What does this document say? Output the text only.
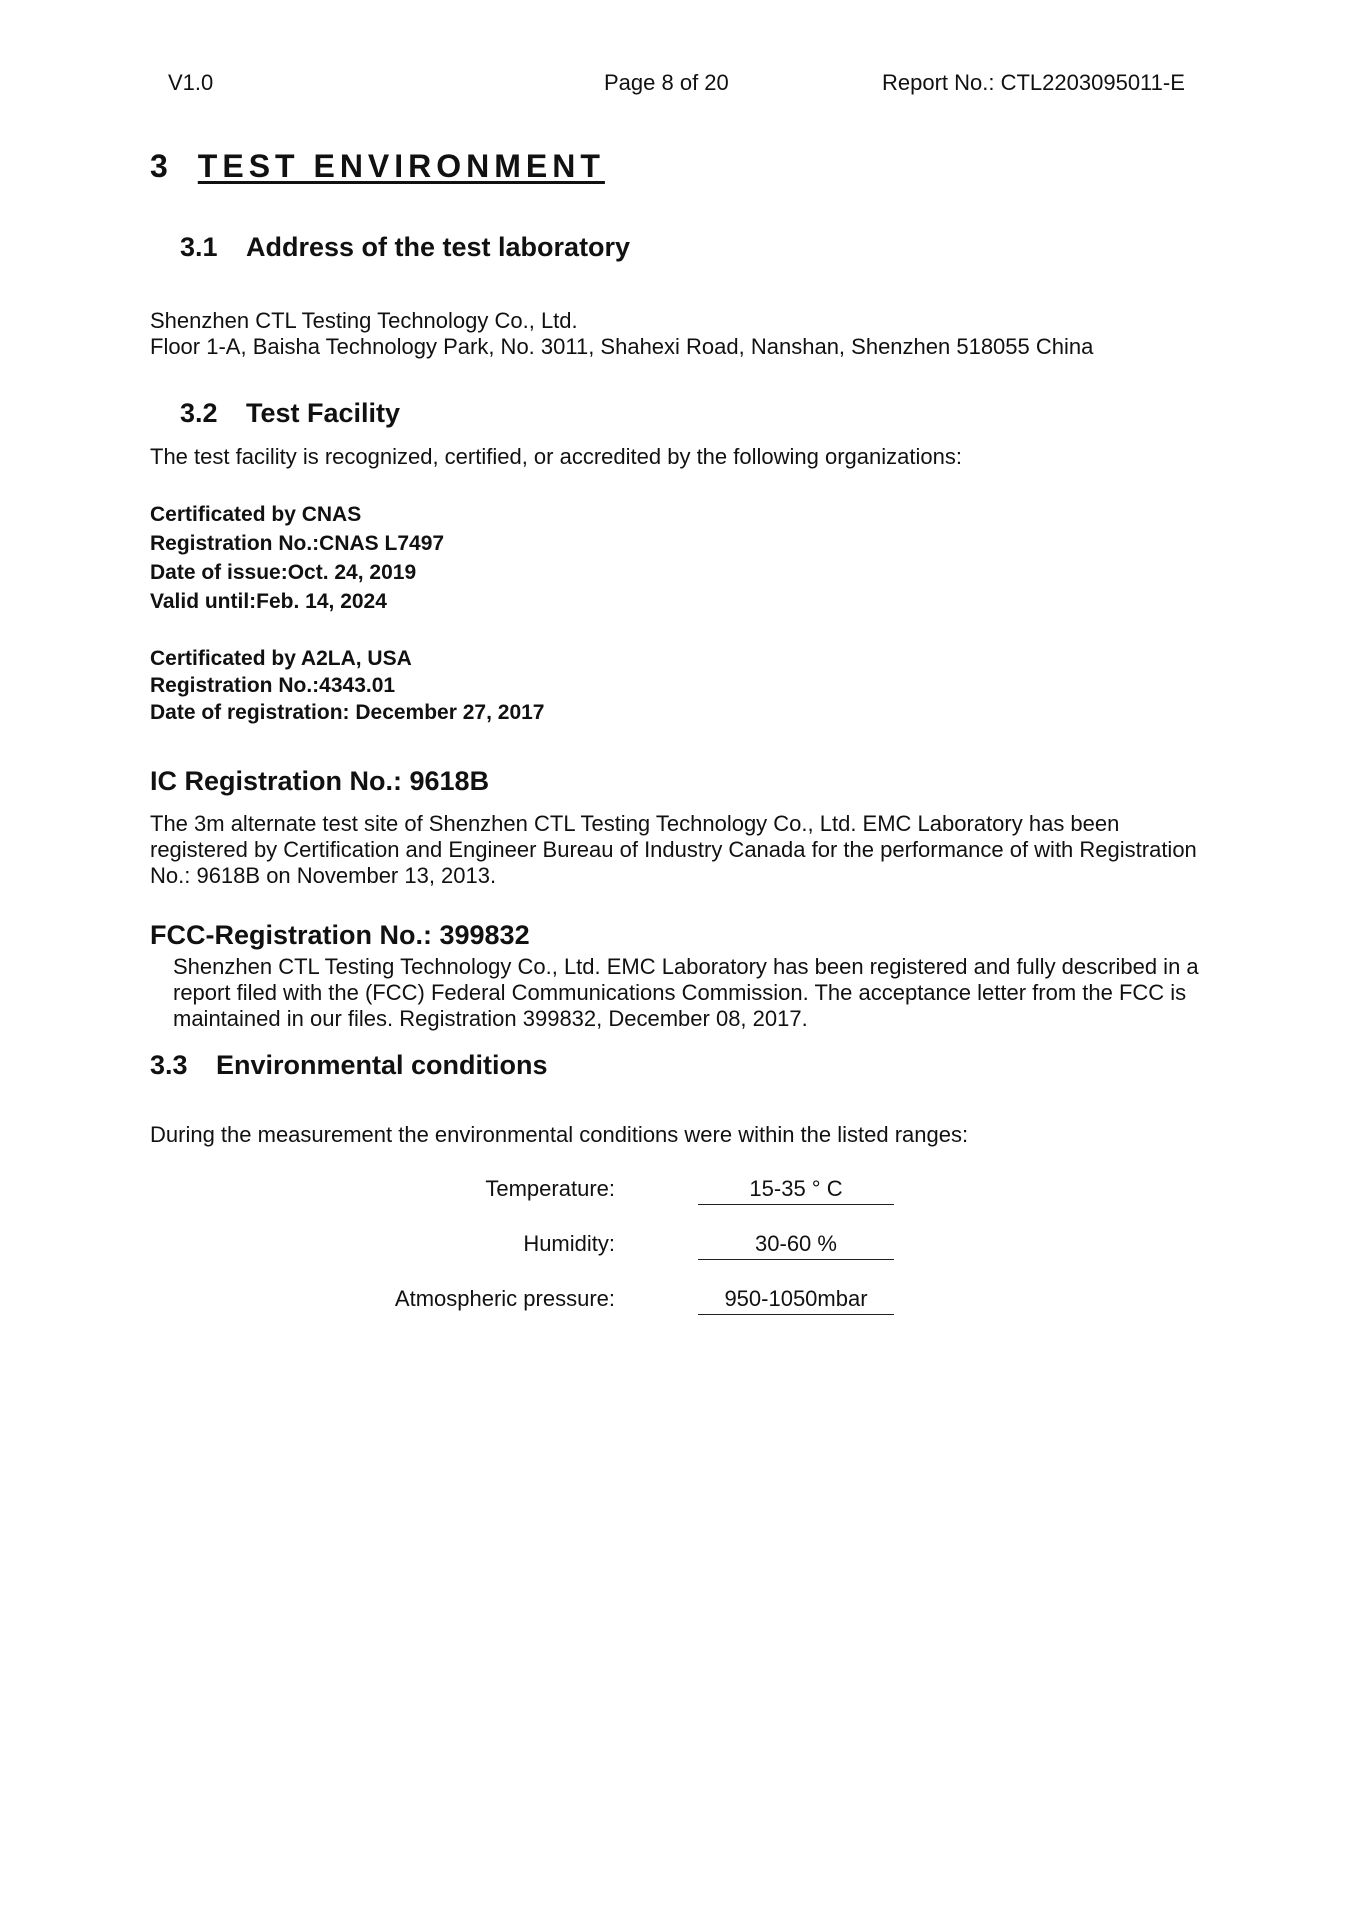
V1.0	Page 8 of 20	Report No.: CTL2203095011-E
3 TEST ENVIRONMENT
3.1 Address of the test laboratory
Shenzhen CTL Testing Technology Co., Ltd.
Floor 1-A, Baisha Technology Park, No. 3011, Shahexi Road, Nanshan, Shenzhen 518055 China
3.2 Test Facility
The test facility is recognized, certified, or accredited by the following organizations:
Certificated by CNAS
Registration No.:CNAS L7497
Date of issue:Oct. 24, 2019
Valid until:Feb. 14, 2024
Certificated by A2LA, USA
Registration No.:4343.01
Date of registration: December 27, 2017
IC Registration No.: 9618B
The 3m alternate test site of Shenzhen CTL Testing Technology Co., Ltd. EMC Laboratory has been
registered by Certification and Engineer Bureau of Industry Canada for the performance of with Registration
No.: 9618B on November 13, 2013.
FCC-Registration No.: 399832
Shenzhen CTL Testing Technology Co., Ltd. EMC Laboratory has been registered and fully described in a
report filed with the (FCC) Federal Communications Commission. The acceptance letter from the FCC is
maintained in our files. Registration 399832, December 08, 2017.
3.3 Environmental conditions
During the measurement the environmental conditions were within the listed ranges:
Temperature:	15-35 ° C
Humidity:	30-60 %
Atmospheric pressure:	950-1050mbar
